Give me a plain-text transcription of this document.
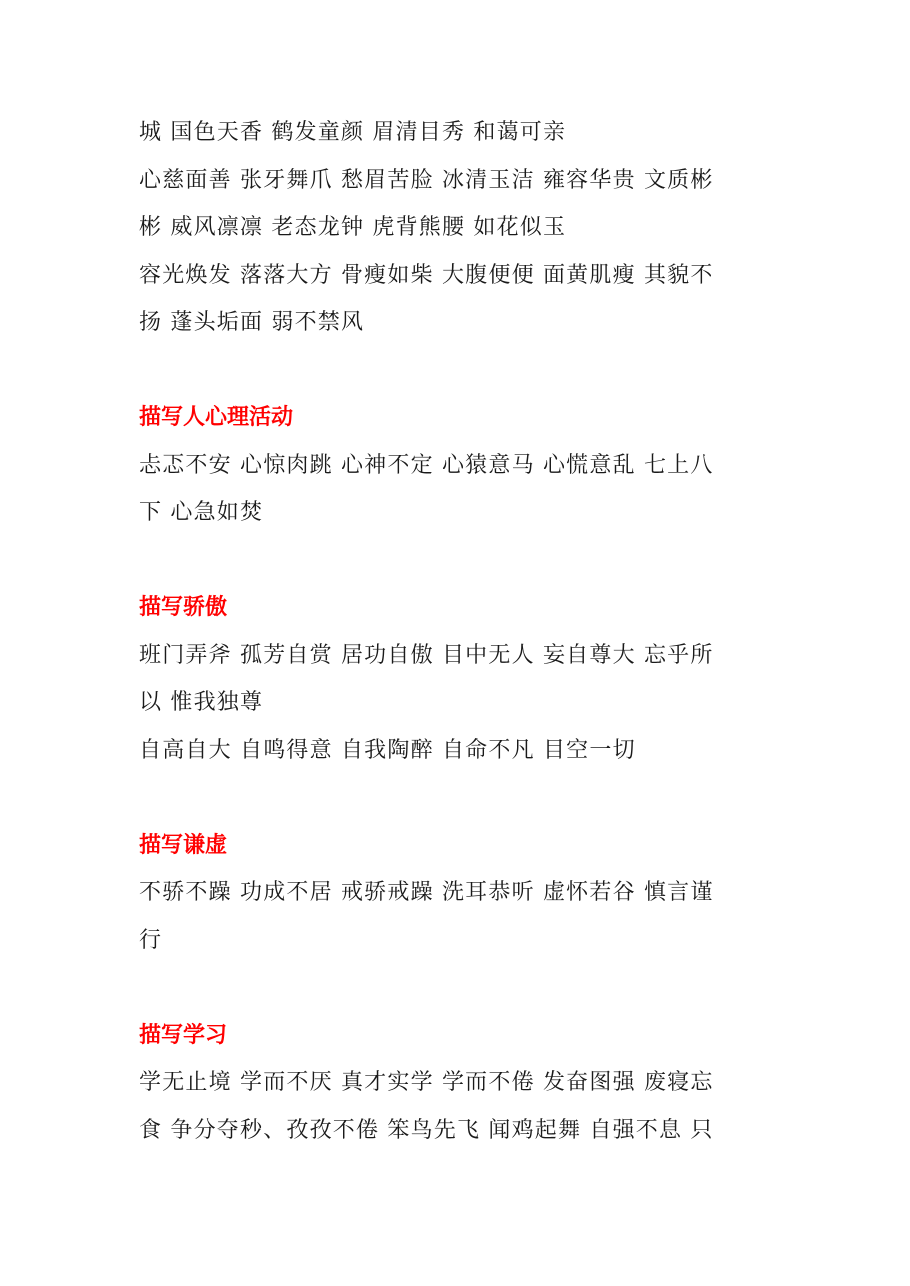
城 国色天香 鹤发童颜 眉清目秀 和蔼可亲
心慈面善 张牙舞爪 愁眉苦脸 冰清玉洁 雍容华贵 文质彬
彬 威风凛凛 老态龙钟 虎背熊腰 如花似玉
容光焕发 落落大方 骨瘦如柴 大腹便便 面黄肌瘦 其貌不
扬 蓬头垢面 弱不禁风
描写人心理活动
忐忑不安 心惊肉跳 心神不定 心猿意马 心慌意乱 七上八
下 心急如焚
描写骄傲
班门弄斧 孤芳自赏 居功自傲 目中无人 妄自尊大 忘乎所
以 惟我独尊
自高自大 自鸣得意 自我陶醉 自命不凡 目空一切
描写谦虚
不骄不躁 功成不居 戒骄戒躁 洗耳恭听 虚怀若谷 慎言谨
行
描写学习
学无止境 学而不厌 真才实学 学而不倦 发奋图强 废寝忘
食 争分夺秒、孜孜不倦 笨鸟先飞 闻鸡起舞 自强不息 只
